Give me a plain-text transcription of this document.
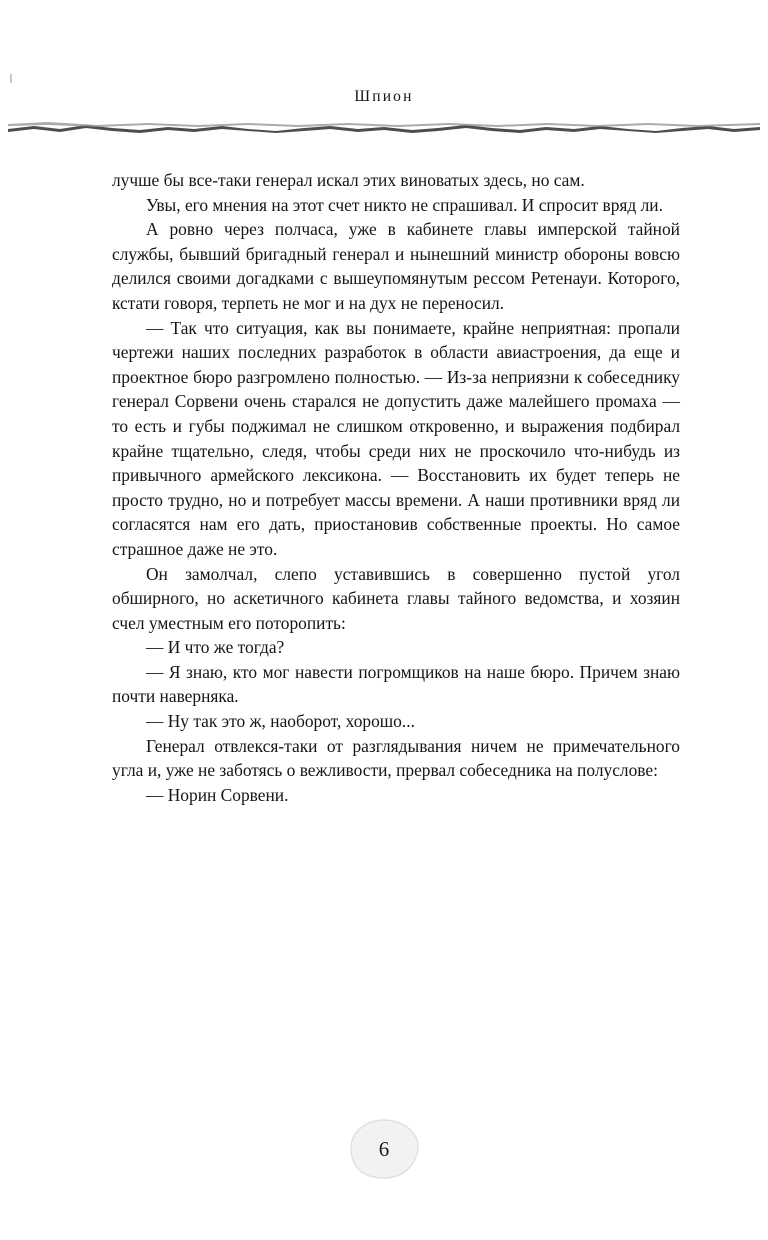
Шпион

лучше бы все-таки генерал искал этих виноватых здесь, но сам.

Увы, его мнения на этот счет никто не спрашивал. И спросит вряд ли.

А ровно через полчаса, уже в кабинете главы имперской тайной службы, бывший бригадный генерал и нынешний министр обороны вовсю делился своими догадками с вышеупомянутым рессом Ретенауи. Которого, кстати говоря, терпеть не мог и на дух не переносил.

— Так что ситуация, как вы понимаете, крайне неприятная: пропали чертежи наших последних разработок в области авиастроения, да еще и проектное бюро разгромлено полностью. — Из-за неприязни к собеседнику генерал Сорвени очень старался не допустить даже малейшего промаха — то есть и губы поджимал не слишком откровенно, и выражения подбирал крайне тщательно, следя, чтобы среди них не проскочило что-нибудь из привычного армейского лексикона. — Восстановить их будет теперь не просто трудно, но и потребует массы времени. А наши противники вряд ли согласятся нам его дать, приостановив собственные проекты. Но самое страшное даже не это.

Он замолчал, слепо уставившись в совершенно пустой угол обширного, но аскетичного кабинета главы тайного ведомства, и хозяин счел уместным его поторопить:

— И что же тогда?

— Я знаю, кто мог навести погромщиков на наше бюро. Причем знаю почти наверняка.

— Ну так это ж, наоборот, хорошо...

Генерал отвлекся-таки от разглядывания ничем не примечательного угла и, уже не заботясь о вежливости, прервал собеседника на полуслове:

— Норин Сорвени.

6
